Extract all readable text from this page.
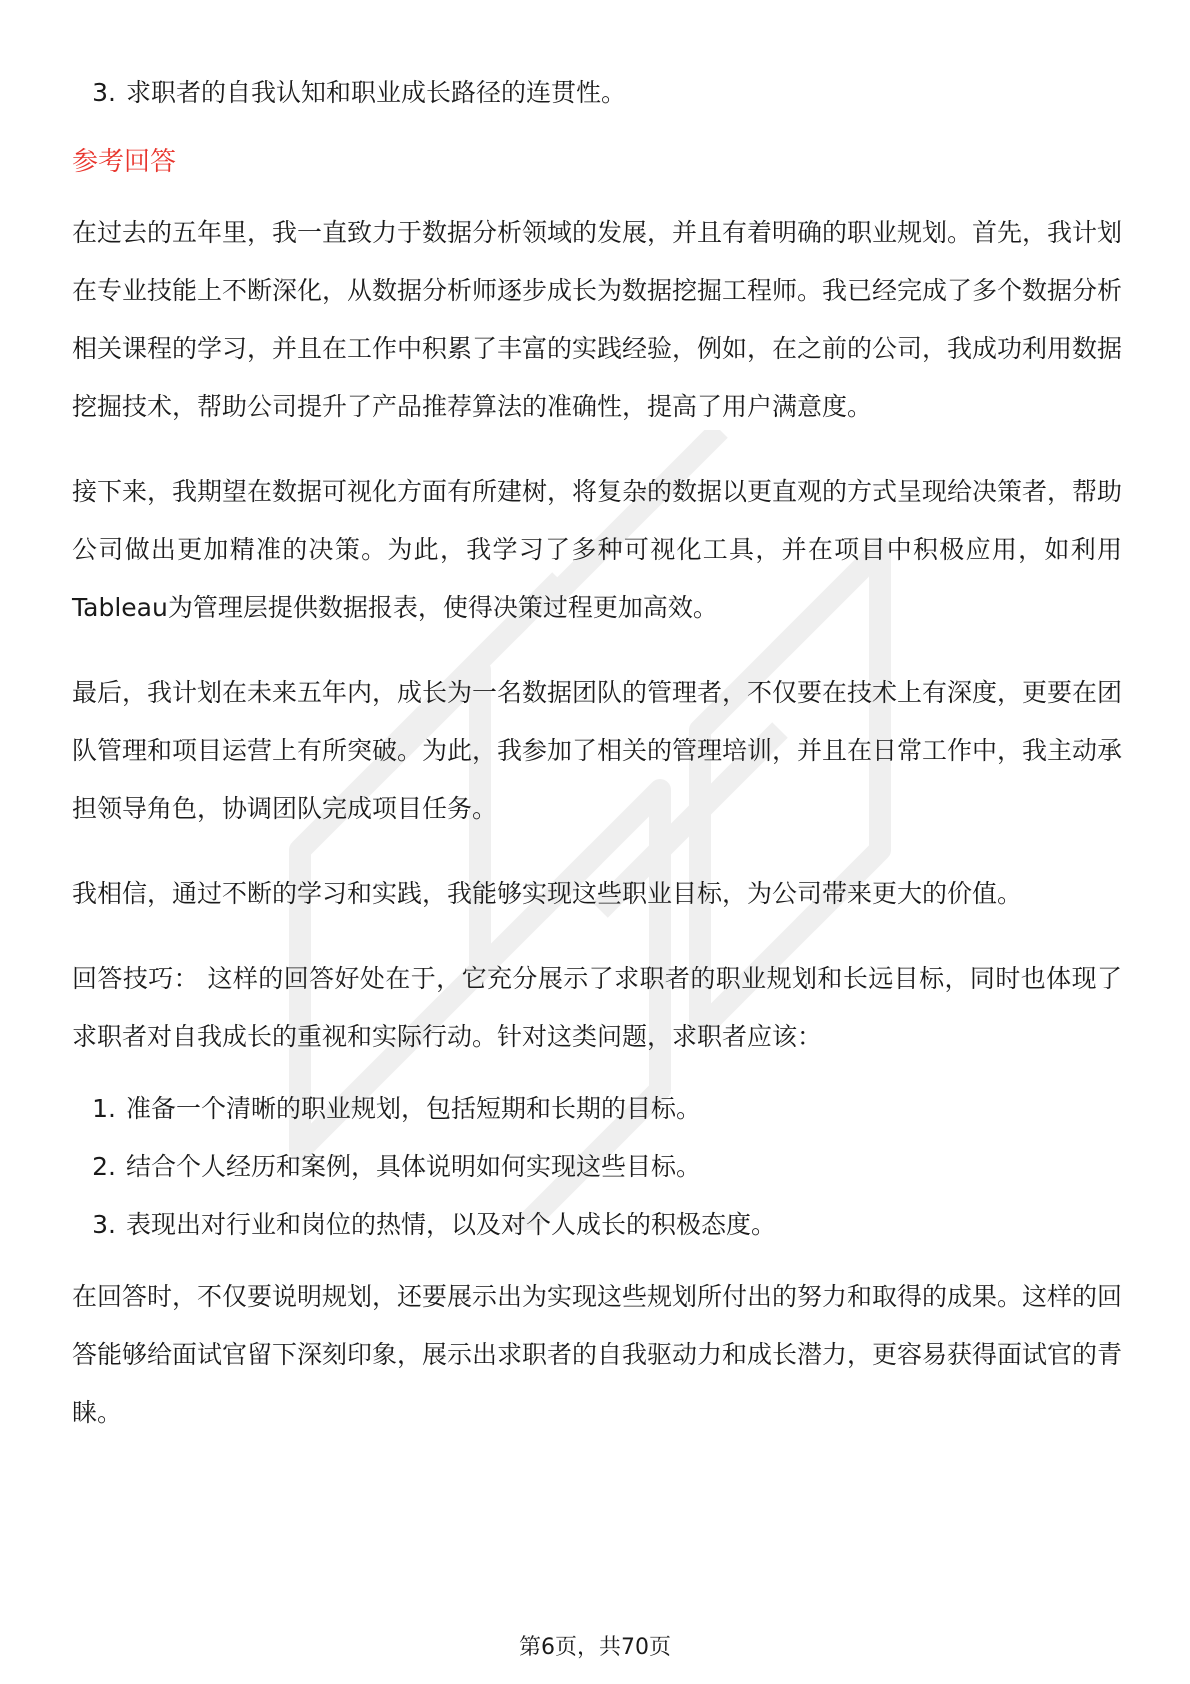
3. 求职者的自我认知和职业成长路径的连贯性。
参考回答

在过去的五年里，我一直致力于数据分析领域的发展，并且有着明确的职业规划。首先，我计划在专业技能上不断深化，从数据分析师逐步成长为数据挖掘工程师。我已经完成了多个数据分析相关课程的学习，并且在工作中积累了丰富的实践经验，例如，在之前的公司，我成功利用数据挖掘技术，帮助公司提升了产品推荐算法的准确性，提高了用户满意度。

接下来，我期望在数据可视化方面有所建树，将复杂的数据以更直观的方式呈现给决策者，帮助公司做出更加精准的决策。为此，我学习了多种可视化工具，并在项目中积极应用，如利用Tableau为管理层提供数据报表，使得决策过程更加高效。

最后，我计划在未来五年内，成长为一名数据团队的管理者，不仅要在技术上有深度，更要在团队管理和项目运营上有所突破。为此，我参加了相关的管理培训，并且在日常工作中，我主动承担领导角色，协调团队完成项目任务。

我相信，通过不断的学习和实践，我能够实现这些职业目标，为公司带来更大的价值。

回答技巧： 这样的回答好处在于，它充分展示了求职者的职业规划和长远目标，同时也体现了求职者对自我成长的重视和实际行动。针对这类问题，求职者应该：

1. 准备一个清晰的职业规划，包括短期和长期的目标。
2. 结合个人经历和案例，具体说明如何实现这些目标。
3. 表现出对行业和岗位的热情，以及对个人成长的积极态度。

在回答时，不仅要说明规划，还要展示出为实现这些规划所付出的努力和取得的成果。这样的回答能够给面试官留下深刻印象，展示出求职者的自我驱动力和成长潜力，更容易获得面试官的青睐。

第6页，共70页
